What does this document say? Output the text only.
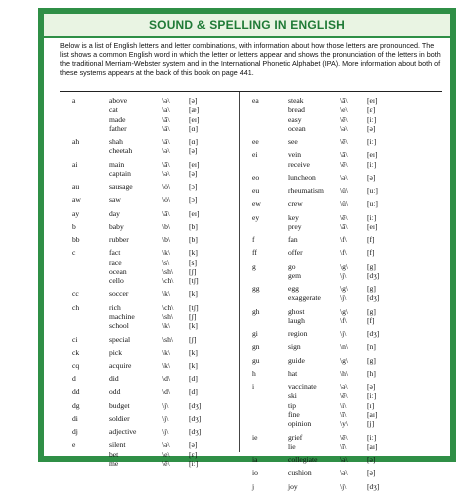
SOUND & SPELLING IN ENGLISH
Below is a list of English letters and letter combinations, with information about how those letters are pronounced. The list shows a common English word in which the letter or letters appear and shows the pronunciation of the letters in both the traditional Merriam-Webster system and in the International Phonetic Alphabet (IPA). More information about both of these systems appears at the back of this book on page 441.
a	above	\ə\	[ə]
cat	\a\	[æ]
made	\ā\	[eɪ]
father	\ä\	[ɑ]
ah	shah	\ä\	[ɑ]
cheetah	\ə\	[ə]
ai	main	\ā\	[eɪ]
captain	\ə\	[ə]
au	sausage	\ȯ\ [ɔ]
aw	saw	\ȯ\ [ɔ]
ay	day	\ā\	[eɪ]
b	baby	\b\ [b]
bb	rubber	\b\ [b]
c	fact	\k\ [k]
race	\s\	[s]
ocean	\sh\ [ʃ]
cello	\ch\ [tʃ]
cc	soccer	\k\ [k]
ch	rich	\ch\ [tʃ]
machine	\sh\ [ʃ]
school	\k\ [k]
ci	special	\sh\ [ʃ]
ck	pick	\k\ [k]
cq	acquire	\k\ [k]
d	did	\d\ [d]
dd	odd	\d\ [d]
dg	budget	\j\	[dʒ]
di	soldier	\j\	[dʒ]
dj	adjective	\j\	[dʒ]
e	silent	\ə\	[ə]
bet	\e\	[ɛ]
me	\ē\	[iː]
ea	steak	\ā\	[eɪ]
bread	\e\	[ɛ]
easy	\ē\	[iː]
ocean	\ə\	[ə]
ee	see	\ē\	[iː]
ei	vein	\ā\	[eɪ]
receive	\ē\	[iː]
eo	luncheon	\ə\	[ə]
eu	rheumatism \ü\ [uː]
ew	crew	\ü\ [uː]
ey	key	\ē\	[iː]
prey	\ā\	[eɪ]
f	fan	\f\	[f]
ff	offer	\f\	[f]
g	go	\g\ [g]
gem	\j\	[dʒ]
gg	egg	\g\ [g]
exaggerate	\j\	[dʒ]
gh	ghost	\g\ [g]
laugh	\f\	[f]
gi	region	\j\	[dʒ]
gn	sign	\n\ [n]
gu	guide	\g\ [g]
h	hat	\h\ [h]
i	vaccinate	\ə\	[ə]
ski	\ē\	[iː]
tip	\i\	[ɪ]
fine	\ī\	[aɪ]
opinion	\y\ [j]
ie	grief	\ē\	[iː]
lie	\ī\	[aɪ]
ia	collegiate	\ə\	[ə]
io	cushion	\ə\	[ə]
j	joy	\j\	[dʒ]
